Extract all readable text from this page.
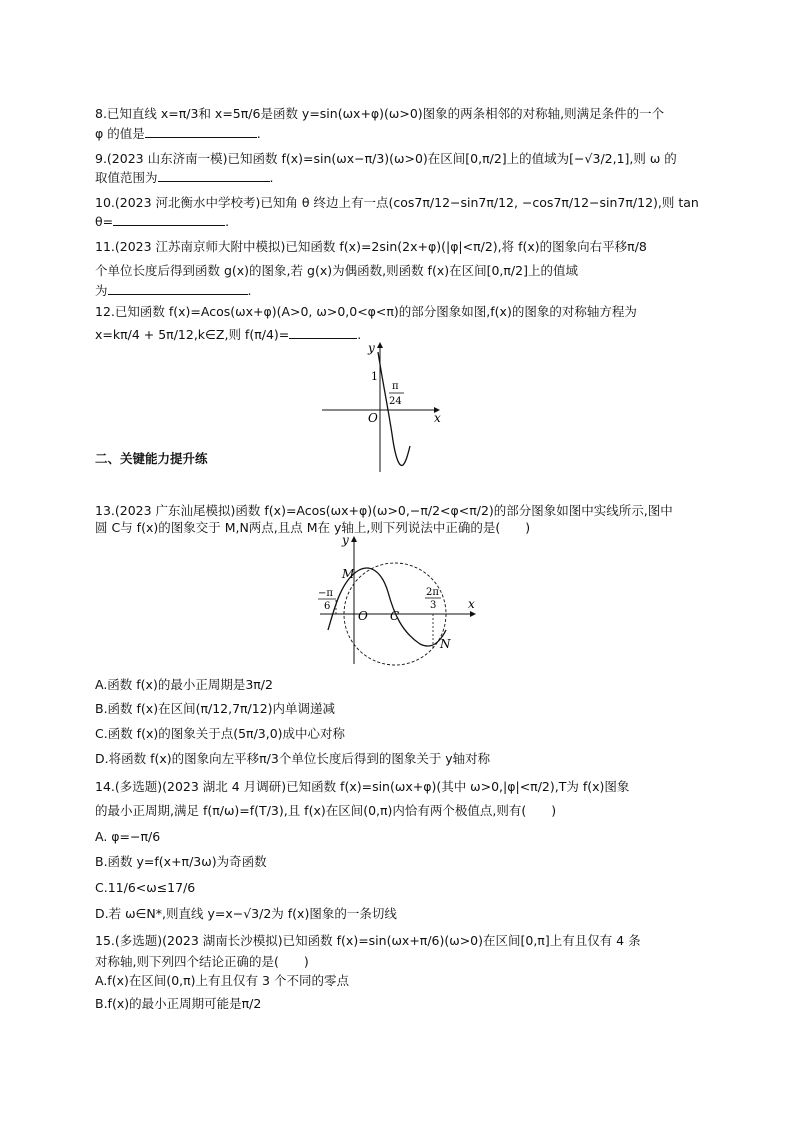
8.已知直线 x=π/3和 x=5π/6是函数 y=sin(ωx+φ)(ω>0)图象的两条相邻的对称轴,则满足条件的一个
φ 的值是	.
9.(2023 山东济南一模)已知函数 f(x)=sin(ωx−π/3)(ω>0)在区间[0,π/2]上的值域为[−√3/2,1],则 ω 的
取值范围为	.
10.(2023 河北衡水中学校考)已知角 θ 终边上有一点(cos7π/12−sin7π/12, −cos7π/12−sin7π/12),则 tan
θ=	.
11.(2023 江苏南京师大附中模拟)已知函数 f(x)=2sin(2x+φ)(|φ|<π/2),将 f(x)的图象向右平移π/8
个单位长度后得到函数 g(x)的图象,若 g(x)为偶函数,则函数 f(x)在区间[0,π/2]上的值域
为	.
12.已知函数 f(x)=Acos(ωx+φ)(A>0, ω>0,0<φ<π)的部分图象如图,f(x)的图象的对称轴方程为
x=kπ/4 + 5π/12,k∈Z,则 f(π/4)=	.
y
x
O
1
π
24
二、关键能力提升练
13.(2023 广东汕尾模拟)函数 f(x)=Acos(ωx+φ)(ω>0,−π/2<φ<π/2)的部分图象如图中实线所示,图中
圆 C与 f(x)的图象交于 M,N两点,且点 M在 y轴上,则下列说法中正确的是(　　)
y
x
O C
M
N
−π
6
2π
3
A.函数 f(x)的最小正周期是3π/2
B.函数 f(x)在区间(π/12,7π/12)内单调递减
C.函数 f(x)的图象关于点(5π/3,0)成中心对称
D.将函数 f(x)的图象向左平移π/3个单位长度后得到的图象关于 y轴对称
14.(多选题)(2023 湖北 4 月调研)已知函数 f(x)=sin(ωx+φ)(其中 ω>0,|φ|<π/2),T为 f(x)图象
的最小正周期,满足 f(π/ω)=f(T/3),且 f(x)在区间(0,π)内恰有两个极值点,则有(　　)
A. φ=−π/6
B.函数 y=f(x+π/3ω)为奇函数
C.11/6<ω≤17/6
D.若 ω∈N*,则直线 y=x−√3/2为 f(x)图象的一条切线
15.(多选题)(2023 湖南长沙模拟)已知函数 f(x)=sin(ωx+π/6)(ω>0)在区间[0,π]上有且仅有 4 条
对称轴,则下列四个结论正确的是(　　)
A.f(x)在区间(0,π)上有且仅有 3 个不同的零点
B.f(x)的最小正周期可能是π/2
